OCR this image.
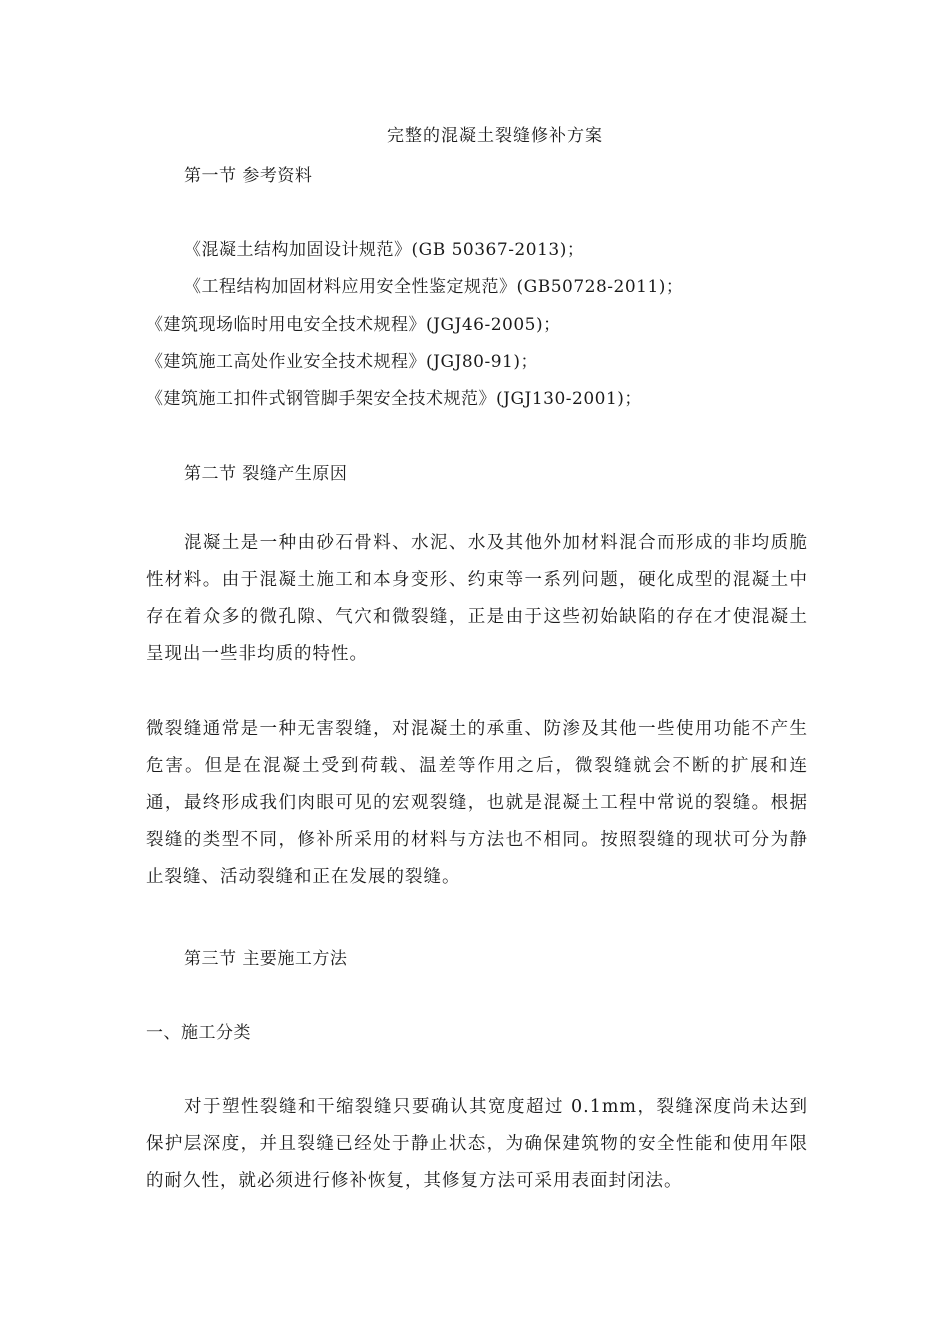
完整的混凝土裂缝修补方案
第一节 参考资料
《混凝土结构加固设计规范》(GB 50367-2013)；
《工程结构加固材料应用安全性鉴定规范》(GB50728-2011)；
《建筑现场临时用电安全技术规程》(JGJ46-2005)；
《建筑施工高处作业安全技术规程》(JGJ80-91)；
《建筑施工扣件式钢管脚手架安全技术规范》(JGJ130-2001)；
第二节 裂缝产生原因

混凝土是一种由砂石骨料、水泥、水及其他外加材料混合而形成的非均质脆性材料。由于混凝土施工和本身变形、约束等一系列问题，硬化成型的混凝土中存在着众多的微孔隙、气穴和微裂缝，正是由于这些初始缺陷的存在才使混凝土呈现出一些非均质的特性。

微裂缝通常是一种无害裂缝，对混凝土的承重、防渗及其他一些使用功能不产生危害。但是在混凝土受到荷载、温差等作用之后，微裂缝就会不断的扩展和连通，最终形成我们肉眼可见的宏观裂缝，也就是混凝土工程中常说的裂缝。根据裂缝的类型不同，修补所采用的材料与方法也不相同。按照裂缝的现状可分为静止裂缝、活动裂缝和正在发展的裂缝。

第三节 主要施工方法
一、施工分类

对于塑性裂缝和干缩裂缝只要确认其宽度超过 0.1mm，裂缝深度尚未达到保护层深度，并且裂缝已经处于静止状态，为确保建筑物的安全性能和使用年限的耐久性，就必须进行修补恢复，其修复方法可采用表面封闭法。
